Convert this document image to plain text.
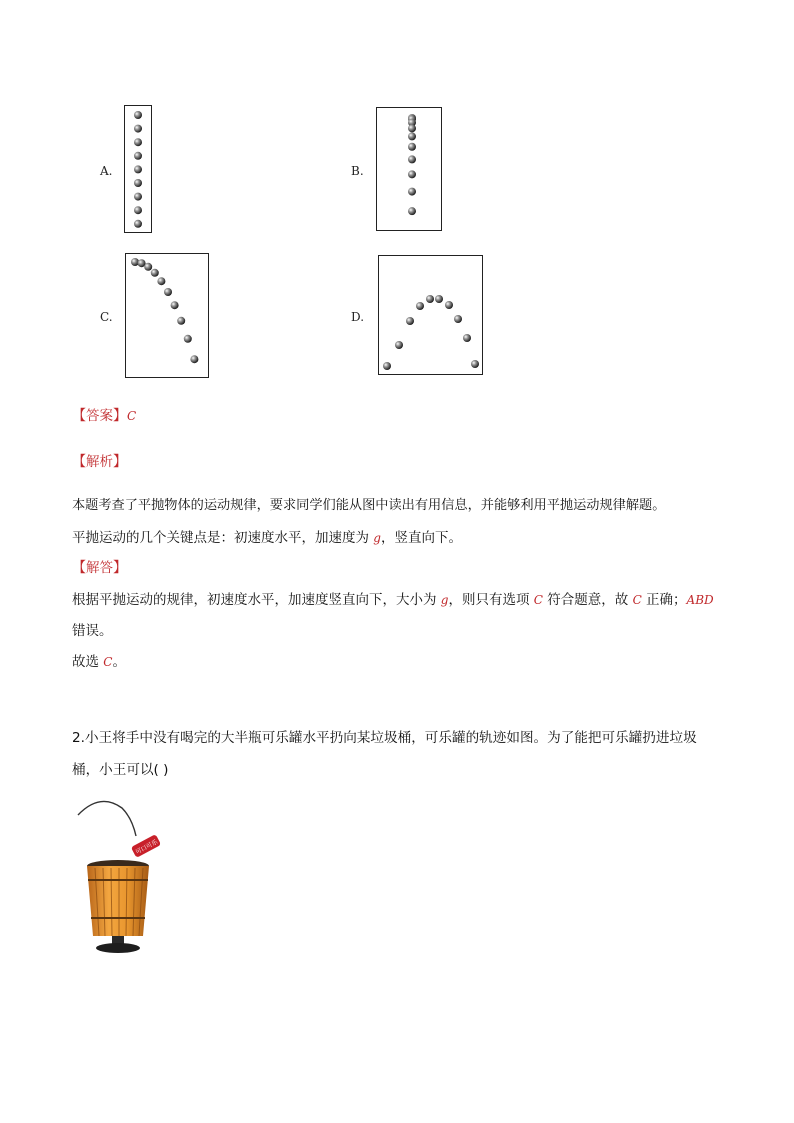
A.	B.
C.	D.
【答案】C
【解析】
本题考查了平抛物体的运动规律，要求同学们能从图中读出有用信息，并能够利用平抛运动规律解题。
平抛运动的几个关键点是：初速度水平，加速度为 g，竖直向下。
【解答】
根据平抛运动的规律，初速度水平，加速度竖直向下，大小为 g，则只有选项 C 符合题意，故 C 正确；ABD
错误。
故选 C。
2.小王将手中没有喝完的大半瓶可乐罐水平扔向某垃圾桶，可乐罐的轨迹如图。为了能把可乐罐扔进垃圾
桶，小王可以( )
可口可乐
